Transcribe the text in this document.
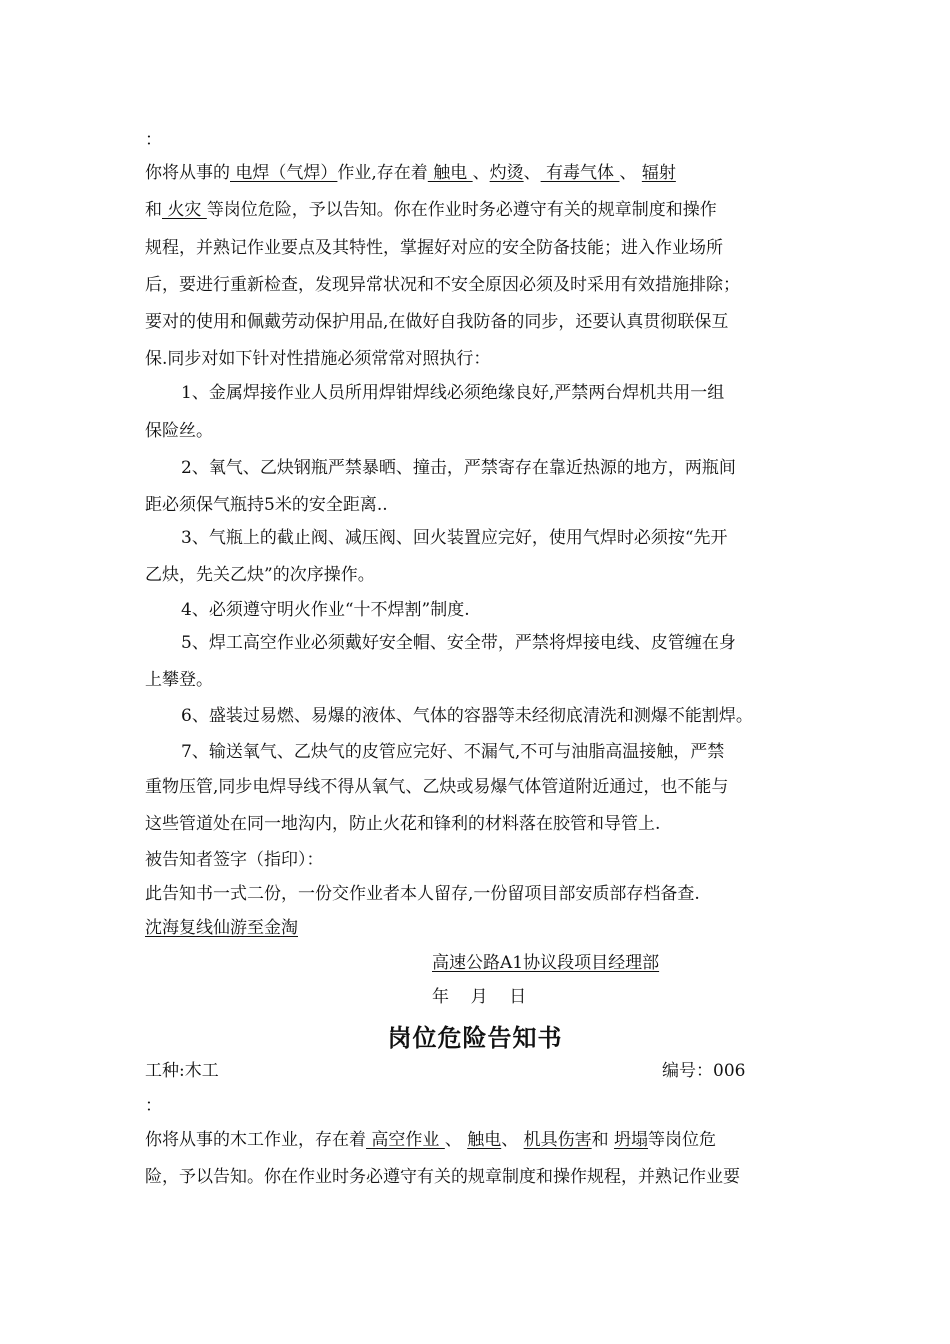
：
你将从事的 电焊（气焊）作业,存在着 触电 、灼烫、 有毒气体 、 辐射
和 火灾 等岗位危险，予以告知。你在作业时务必遵守有关的规章制度和操作
规程，并熟记作业要点及其特性，掌握好对应的安全防备技能；进入作业场所
后，要进行重新检查，发现异常状况和不安全原因必须及时采用有效措施排除；
要对的使用和佩戴劳动保护用品,在做好自我防备的同步，还要认真贯彻联保互
保.同步对如下针对性措施必须常常对照执行：
1、金属焊接作业人员所用焊钳焊线必须绝缘良好,严禁两台焊机共用一组
保险丝。
2、氧气、乙炔钢瓶严禁暴晒、撞击，严禁寄存在靠近热源的地方，两瓶间
距必须保气瓶持5米的安全距离..
3、气瓶上的截止阀、减压阀、回火装置应完好，使用气焊时必须按“先开
乙炔，先关乙炔”的次序操作。
4、必须遵守明火作业“十不焊割”制度.
5、焊工高空作业必须戴好安全帽、安全带，严禁将焊接电线、皮管缠在身
上攀登。
6、盛装过易燃、易爆的液体、气体的容器等未经彻底清洗和测爆不能割焊。
7、输送氧气、乙炔气的皮管应完好、不漏气,不可与油脂高温接触，严禁
重物压管,同步电焊导线不得从氧气、乙炔或易爆气体管道附近通过，也不能与
这些管道处在同一地沟内，防止火花和锋利的材料落在胶管和导管上.
被告知者签字（指印）：
此告知书一式二份，一份交作业者本人留存,一份留项目部安质部存档备查.
沈海复线仙游至金淘
高速公路A1协议段项目经理部
年    月    日
岗位危险告知书
工种:木工	编号：006
：
你将从事的木工作业，存在着 高空作业 、 触电、 机具伤害和 坍塌等岗位危
险，予以告知。你在作业时务必遵守有关的规章制度和操作规程，并熟记作业要
